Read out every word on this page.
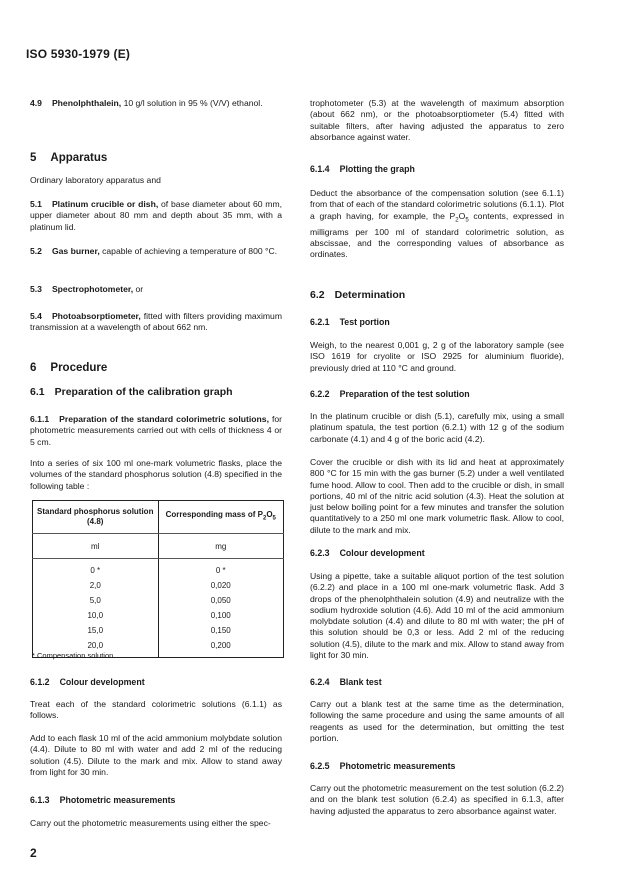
ISO 5930-1979 (E)
4.9 Phenolphthalein, 10 g/l solution in 95 % (V/V) ethanol.
5 Apparatus
Ordinary laboratory apparatus and
5.1 Platinum crucible or dish, of base diameter about 60 mm, upper diameter about 80 mm and depth about 35 mm, with a platinum lid.
5.2 Gas burner, capable of achieving a temperature of 800 °C.
5.3 Spectrophotometer, or
5.4 Photoabsorptiometer, fitted with filters providing maximum transmission at a wavelength of about 662 nm.
6 Procedure
6.1 Preparation of the calibration graph
6.1.1 Preparation of the standard colorimetric solutions, for photometric measurements carried out with cells of thickness 4 or 5 cm.
Into a series of six 100 ml one-mark volumetric flasks, place the volumes of the standard phosphorus solution (4.8) specified in the following table :
Standard phosphorus solution (4.8)	Corresponding mass of $P_2O_5$
ml	mg
0 *	0 *
2,0	0,020
5,0	0,050
10,0	0,100
15,0	0,150
20,0	0,200
* Compensation solution.
6.1.2 Colour development
Treat each of the standard colorimetric solutions (6.1.1) as follows.
Add to each flask 10 ml of the acid ammonium molybdate solution (4.4). Dilute to 80 ml with water and add 2 ml of the reducing solution (4.5). Dilute to the mark and mix. Allow to stand away from light for 30 min.
6.1.3 Photometric measurements
Carry out the photometric measurements using either the spec-
trophotometer (5.3) at the wavelength of maximum absorption (about 662 nm), or the photoabsorptiometer (5.4) fitted with suitable filters, after having adjusted the apparatus to zero absorbance against water.
6.1.4 Plotting the graph
Deduct the absorbance of the compensation solution (see 6.1.1) from that of each of the standard colorimetric solutions (6.1.1). Plot a graph having, for example, the $P_2O_5$ contents, expressed in milligrams per 100 ml of standard colorimetric solution, as abscissae, and the corresponding values of absorbance as ordinates.
6.2 Determination
6.2.1 Test portion
Weigh, to the nearest 0,001 g, 2 g of the laboratory sample (see ISO 1619 for cryolite or ISO 2925 for aluminium fluoride), previously dried at 110 °C and ground.
6.2.2 Preparation of the test solution
In the platinum crucible or dish (5.1), carefully mix, using a small platinum spatula, the test portion (6.2.1) with 12 g of the sodium carbonate (4.1) and 4 g of the boric acid (4.2).
Cover the crucible or dish with its lid and heat at approximately 800 °C for 15 min with the gas burner (5.2) under a well ventilated fume hood. Allow to cool. Then add to the crucible or dish, in small portions, 40 ml of the nitric acid solution (4.3). Heat the solution at just below boiling point for a few minutes and transfer the solution quantitatively to a 250 ml one mark volumetric flask. Allow to cool, dilute to the mark and mix.
6.2.3 Colour development
Using a pipette, take a suitable aliquot portion of the test solution (6.2.2) and place in a 100 ml one-mark volumetric flask. Add 3 drops of the phenolphthalein solution (4.9) and neutralize with the sodium hydroxide solution (4.6). Add 10 ml of the acid ammonium molybdate solution (4.4) and dilute to 80 ml with water; the pH of this solution should be 0,3 or less. Add 2 ml of the reducing solution (4.5), dilute to the mark and mix. Allow to stand away from light for 30 min.
6.2.4 Blank test
Carry out a blank test at the same time as the determination, following the same procedure and using the same amounts of all reagents as used for the determination, but omitting the test portion.
6.2.5 Photometric measurements
Carry out the photometric measurement on the test solution (6.2.2) and on the blank test solution (6.2.4) as specified in 6.1.3, after having adjusted the apparatus to zero absorbance against water.
2
